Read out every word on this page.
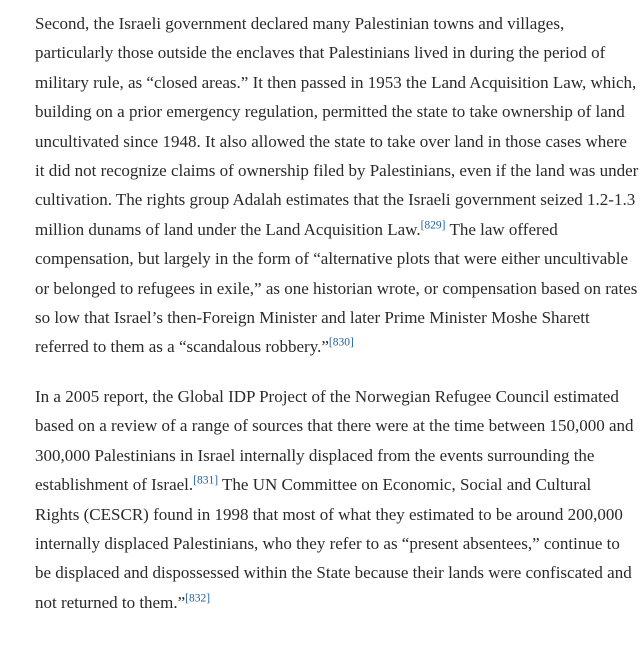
Second, the Israeli government declared many Palestinian towns and villages, particularly those outside the enclaves that Palestinians lived in during the period of military rule, as “closed areas.” It then passed in 1953 the Land Acquisition Law, which, building on a prior emergency regulation, permitted the state to take ownership of land uncultivated since 1948. It also allowed the state to take over land in those cases where it did not recognize claims of ownership filed by Palestinians, even if the land was under cultivation. The rights group Adalah estimates that the Israeli government seized 1.2-1.3 million dunams of land under the Land Acquisition Law.[829] The law offered compensation, but largely in the form of “alternative plots that were either uncultivable or belonged to refugees in exile,” as one historian wrote, or compensation based on rates so low that Israel’s then-Foreign Minister and later Prime Minister Moshe Sharett referred to them as a “scandalous robbery.”[830]

In a 2005 report, the Global IDP Project of the Norwegian Refugee Council estimated based on a review of a range of sources that there were at the time between 150,000 and 300,000 Palestinians in Israel internally displaced from the events surrounding the establishment of Israel.[831] The UN Committee on Economic, Social and Cultural Rights (CESCR) found in 1998 that most of what they estimated to be around 200,000 internally displaced Palestinians, who they refer to as “present absentees,” continue to be displaced and dispossessed within the State because their lands were confiscated and not returned to them.”[832]
